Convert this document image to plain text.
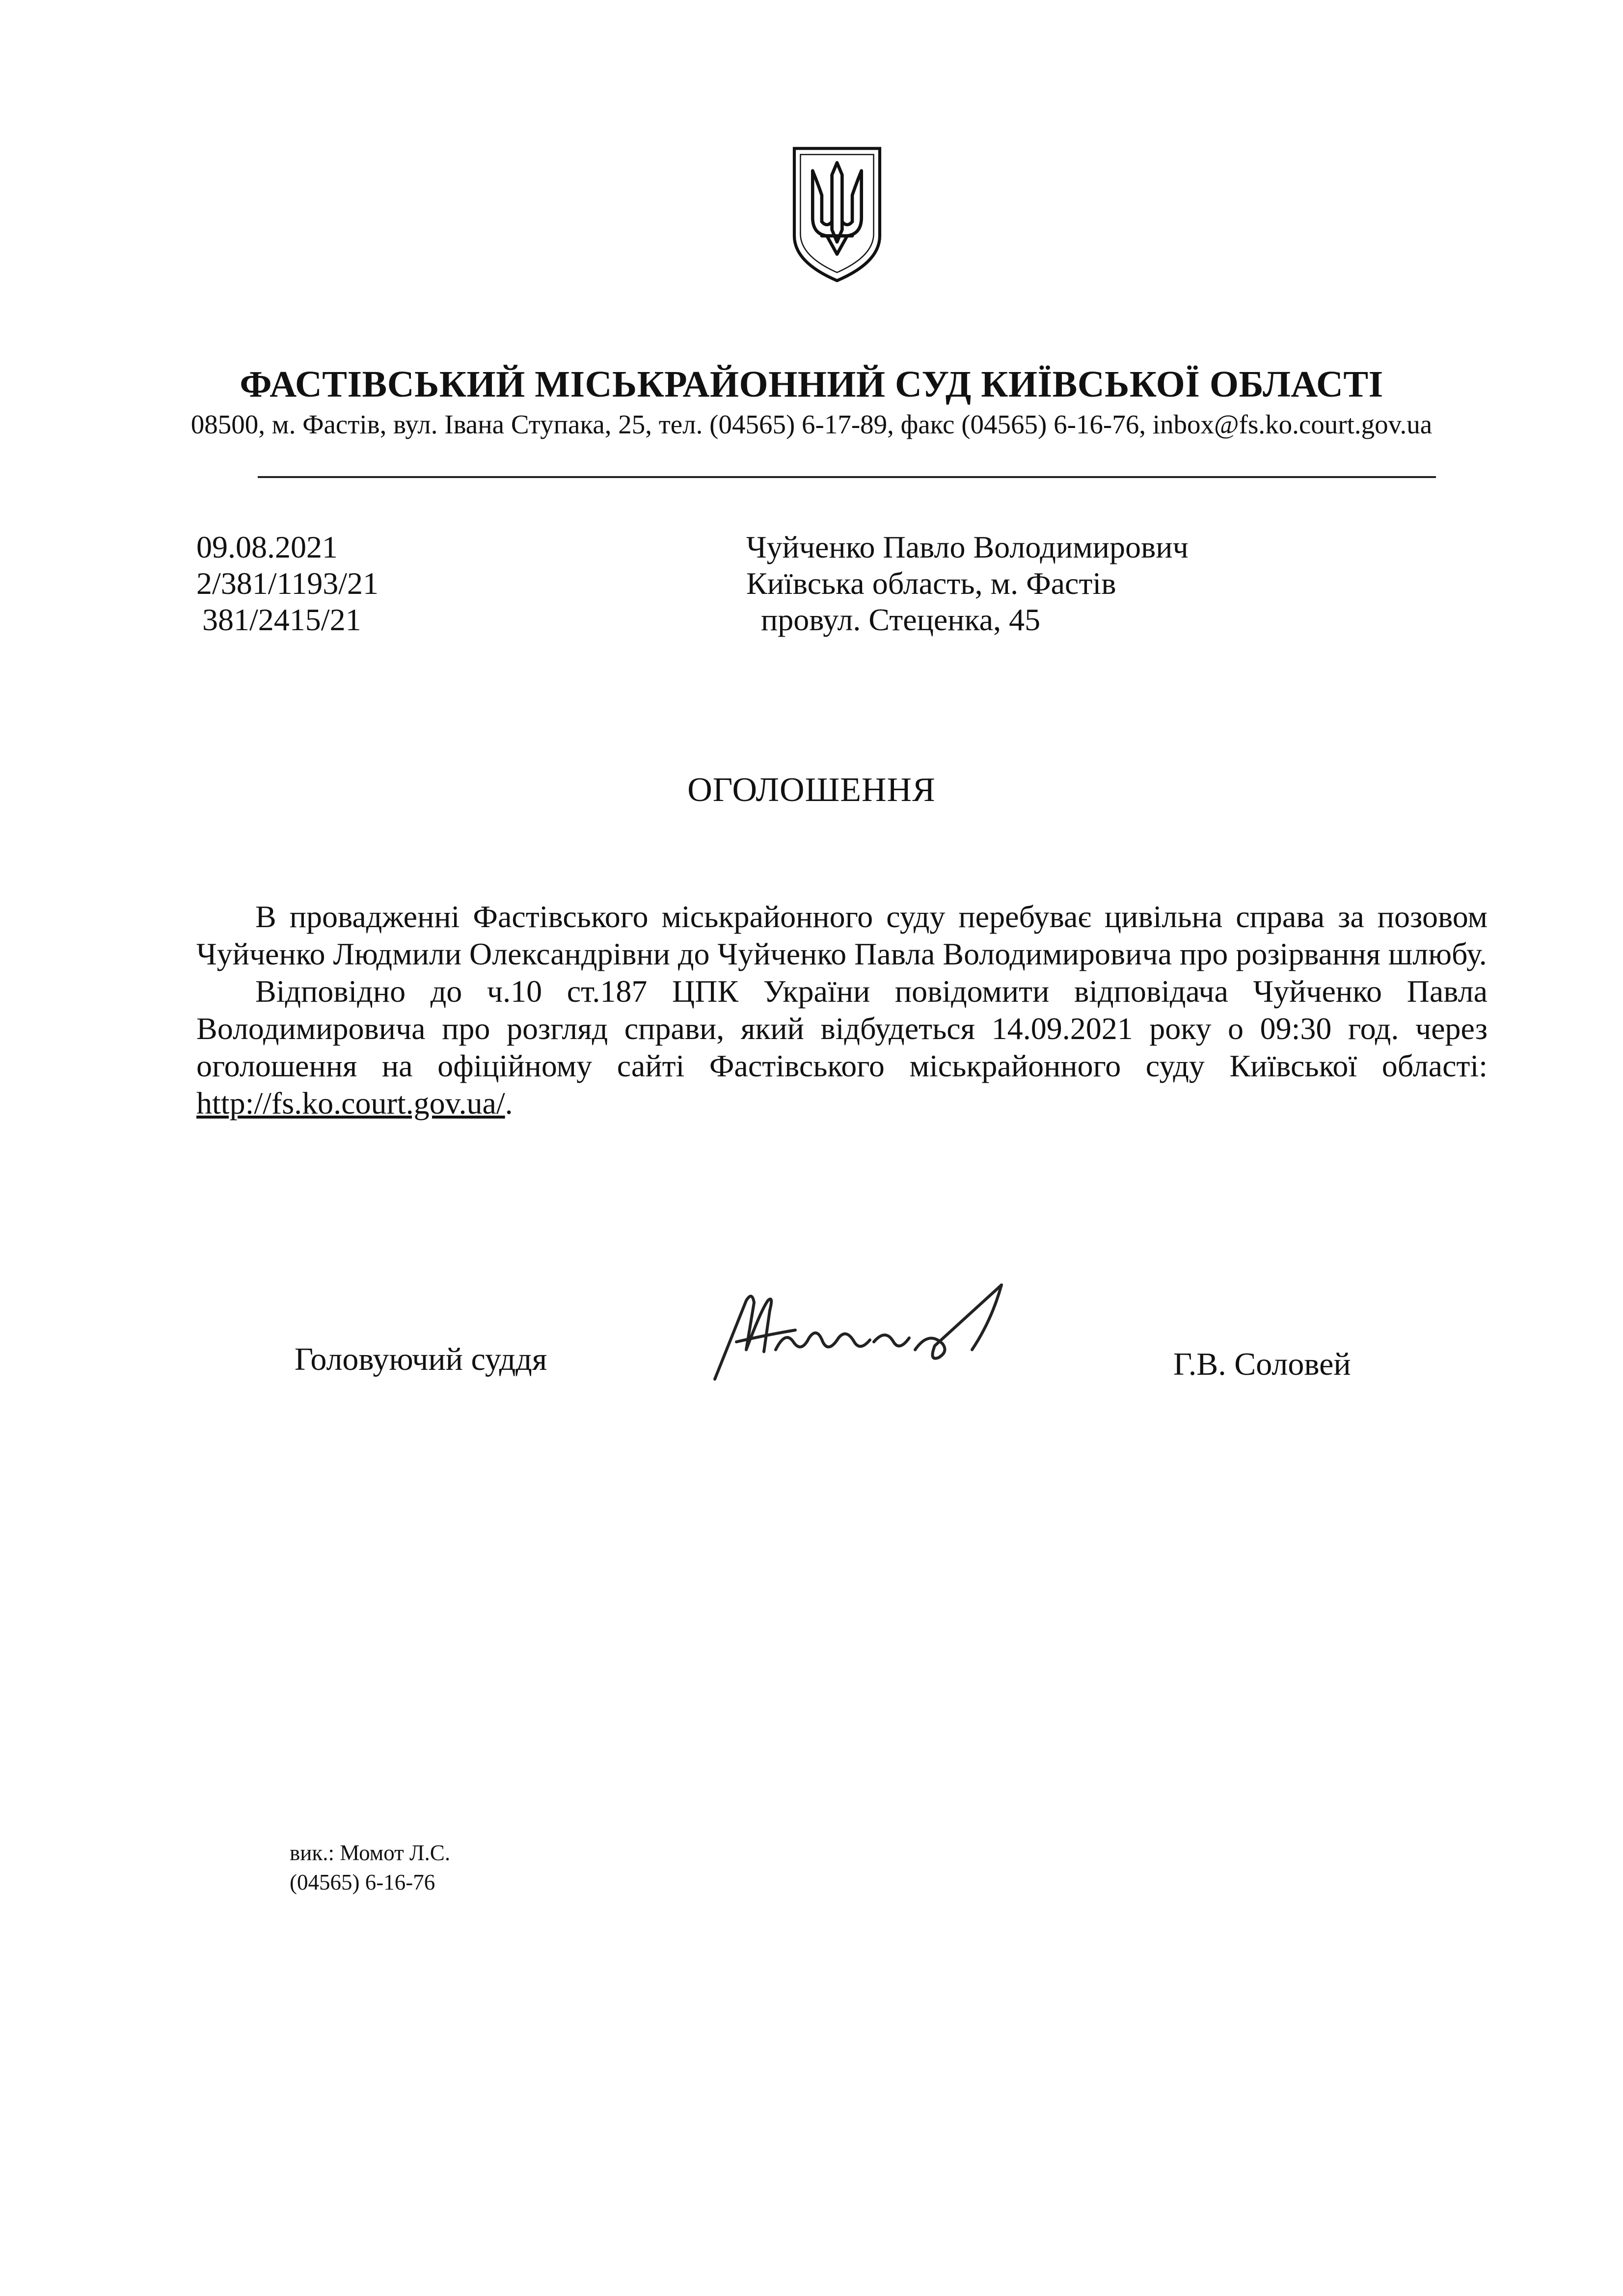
ФАСТІВСЬКИЙ МІСЬКРАЙОННИЙ СУД КИЇВСЬКОЇ ОБЛАСТІ
08500, м. Фастів, вул. Івана Ступака, 25, тел. (04565) 6-17-89, факс (04565) 6-16-76, inbox@fs.ko.court.gov.ua
09.08.2021
2/381/1193/21
381/2415/21
Чуйченко Павло Володимирович
Київська область, м. Фастів
провул. Стеценка, 45
ОГОЛОШЕННЯ

В провадженні Фастівського міськрайонного суду перебуває цивільна справа за позовом Чуйченко Людмили Олександрівни до Чуйченко Павла Володимировича про розірвання шлюбу.

Відповідно до ч.10 ст.187 ЦПК України повідомити відповідача Чуйченко Павла Володимировича про розгляд справи, який відбудеться 14.09.2021 року о 09:30 год. через оголошення на офіційному сайті Фастівського міськрайонного суду Київської області: http://fs.ko.court.gov.ua/.

Головуючий суддя	Г.В. Соловей
вик.: Момот Л.С.
(04565) 6-16-76
